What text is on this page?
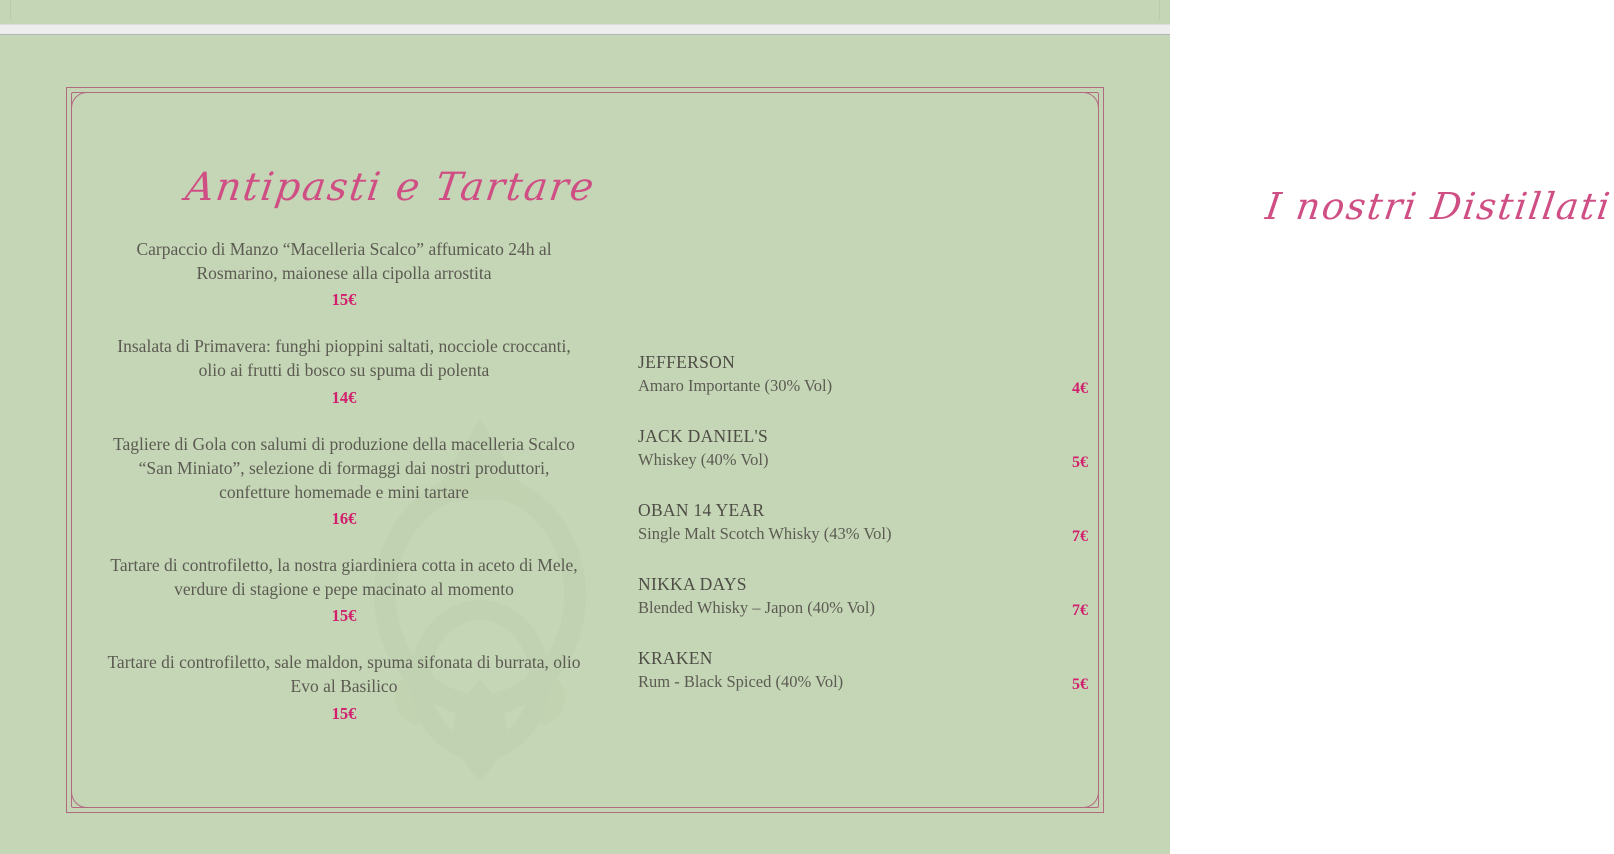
Antipasti e Tartare
Carpaccio di Manzo “Macelleria Scalco” affumicato 24h al Rosmarino, maionese alla cipolla arrostita
15€
Insalata di Primavera: funghi pioppini saltati, nocciole croccanti, olio ai frutti di bosco su spuma di polenta
14€
Tagliere di Gola con salumi di produzione della macelleria Scalco “San Miniato”, selezione di formaggi dai nostri produttori, confetture homemade e mini tartare
16€
Tartare di controfiletto, la nostra giardiniera cotta in aceto di Mele, verdure di stagione e pepe macinato al momento
15€
Tartare di controfiletto, sale maldon, spuma sifonata di burrata, olio Evo al Basilico
15€
I nostri Distillati
JEFFERSON
Amaro Importante (30% Vol)	4€
JACK DANIEL'S
Whiskey (40% Vol)	5€
OBAN 14 YEAR
Single Malt Scotch Whisky (43% Vol)	7€
NIKKA DAYS
Blended Whisky – Japon (40% Vol)	7€
KRAKEN
Rum - Black Spiced (40% Vol)	5€
